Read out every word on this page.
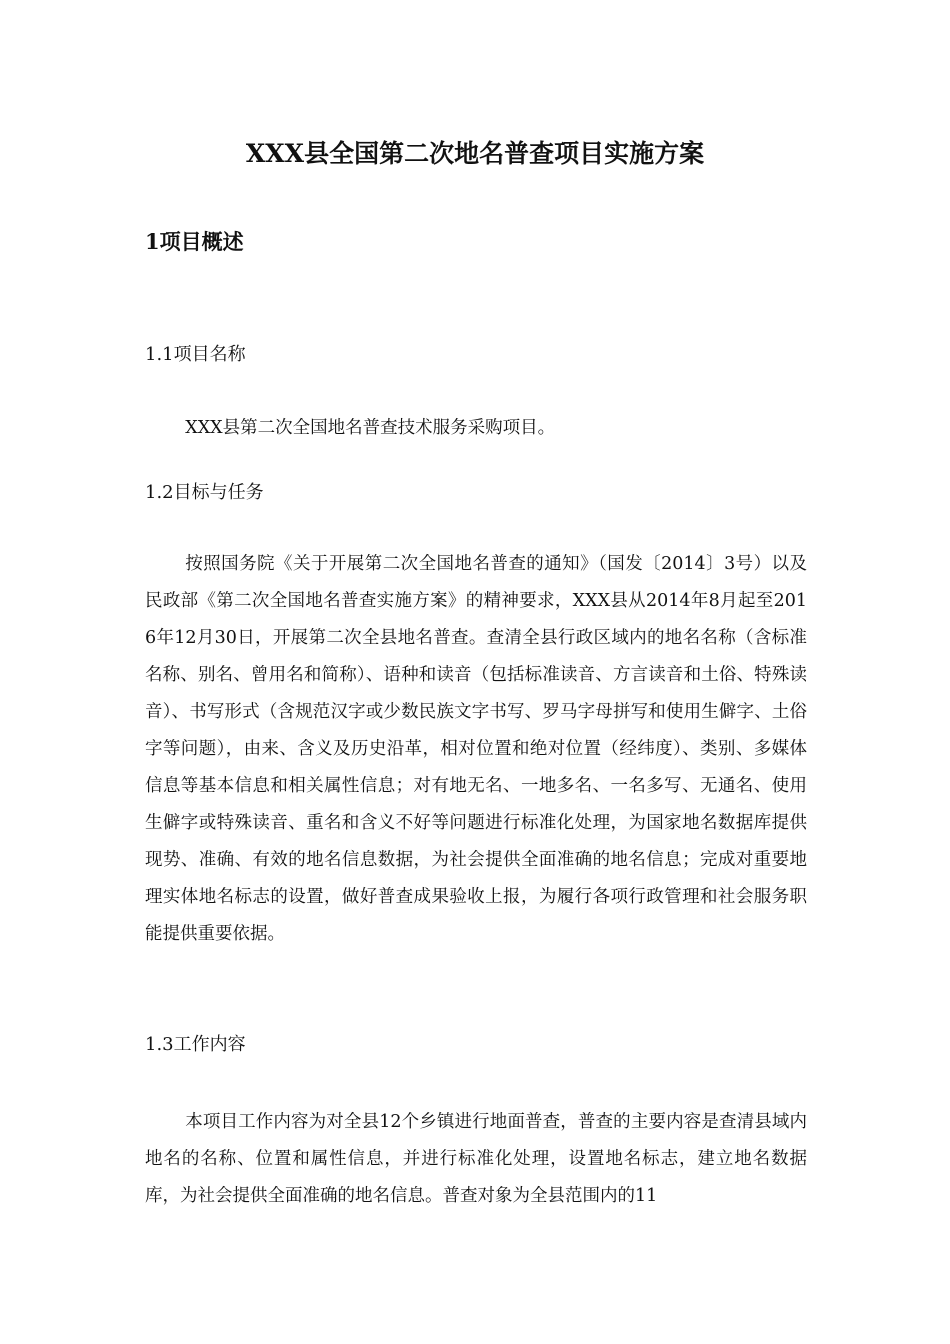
XXX县全国第二次地名普查项目实施方案
1项目概述
1.1项目名称

XXX县第二次全国地名普查技术服务采购项目。

1.2目标与任务

按照国务院《关于开展第二次全国地名普查的通知》（国发〔2014〕3号）以及民政部《第二次全国地名普查实施方案》的精神要求，XXX县从2014年8月起至2016年12月30日，开展第二次全县地名普查。查清全县行政区域内的地名名称（含标准名称、别名、曾用名和简称）、语种和读音（包括标准读音、方言读音和土俗、特殊读音）、书写形式（含规范汉字或少数民族文字书写、罗马字母拼写和使用生僻字、土俗字等问题），由来、含义及历史沿革，相对位置和绝对位置（经纬度）、类别、多媒体信息等基本信息和相关属性信息；对有地无名、一地多名、一名多写、无通名、使用生僻字或特殊读音、重名和含义不好等问题进行标准化处理，为国家地名数据库提供现势、准确、有效的地名信息数据，为社会提供全面准确的地名信息；完成对重要地理实体地名标志的设置，做好普查成果验收上报，为履行各项行政管理和社会服务职能提供重要依据。

1.3工作内容

本项目工作内容为对全县12个乡镇进行地面普查，普查的主要内容是查清县域内地名的名称、位置和属性信息，并进行标准化处理，设置地名标志，建立地名数据库，为社会提供全面准确的地名信息。普查对象为全县范围内的11
